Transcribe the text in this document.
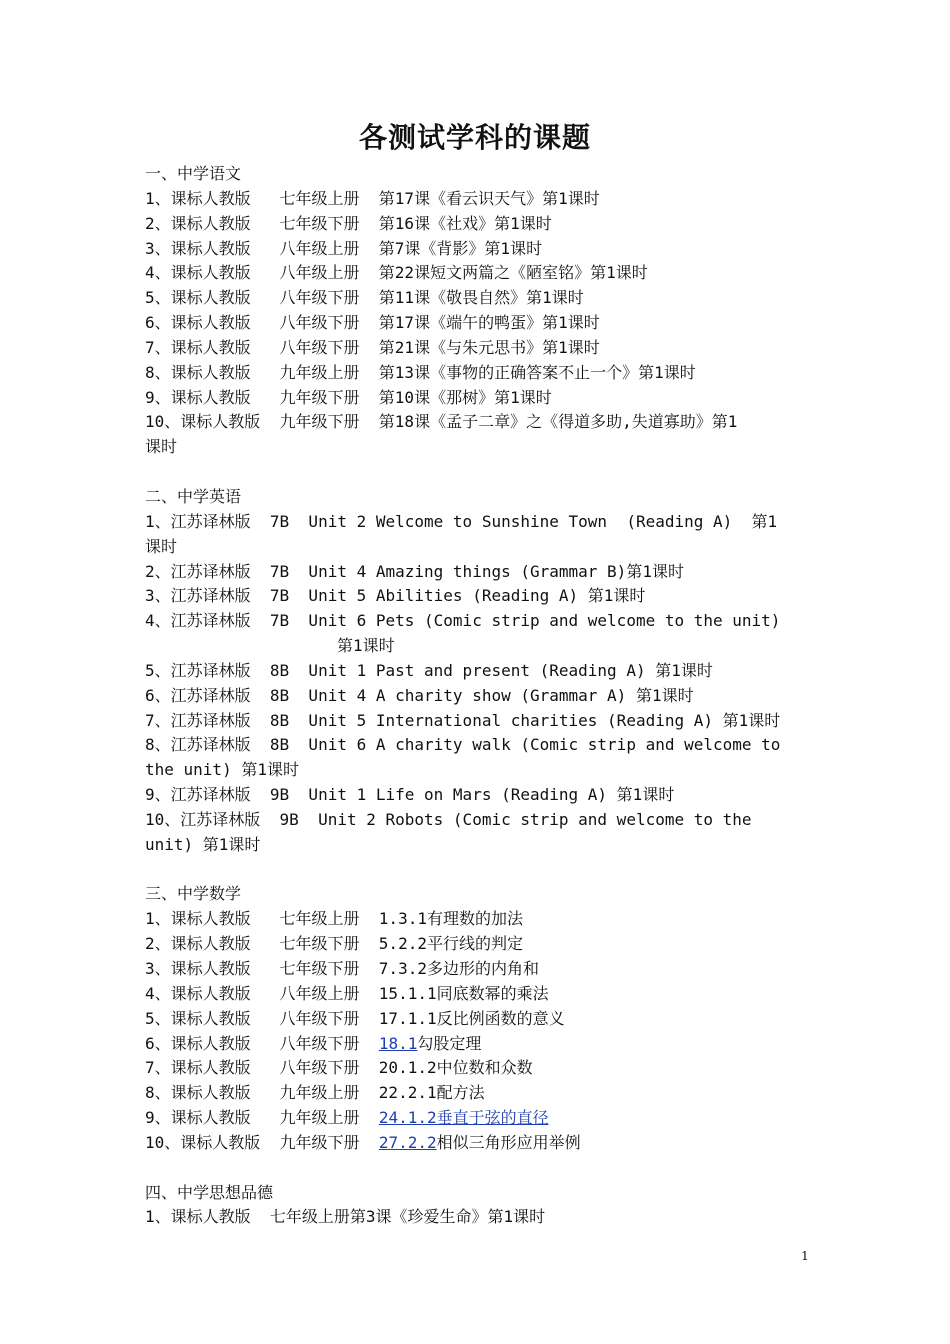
各测试学科的课题
一、中学语文
1、课标人教版   七年级上册  第17课《看云识天气》第1课时
2、课标人教版   七年级下册  第16课《社戏》第1课时
3、课标人教版   八年级上册  第7课《背影》第1课时
4、课标人教版   八年级上册  第22课短文两篇之《陋室铭》第1课时
5、课标人教版   八年级下册  第11课《敬畏自然》第1课时
6、课标人教版   八年级下册  第17课《端午的鸭蛋》第1课时
7、课标人教版   八年级下册  第21课《与朱元思书》第1课时
8、课标人教版   九年级上册  第13课《事物的正确答案不止一个》第1课时
9、课标人教版   九年级下册  第10课《那树》第1课时
10、课标人教版  九年级下册  第18课《孟子二章》之《得道多助,失道寡助》第1
课时
二、中学英语
1、江苏译林版  7B  Unit 2 Welcome to Sunshine Town  (Reading A)  第1
课时
2、江苏译林版  7B  Unit 4 Amazing things (Grammar B)第1课时
3、江苏译林版  7B  Unit 5 Abilities (Reading A) 第1课时
4、江苏译林版  7B  Unit 6 Pets (Comic strip and welcome to the unit)
第1课时
5、江苏译林版  8B  Unit 1 Past and present (Reading A) 第1课时
6、江苏译林版  8B  Unit 4 A charity show (Grammar A) 第1课时
7、江苏译林版  8B  Unit 5 International charities (Reading A) 第1课时
8、江苏译林版  8B  Unit 6 A charity walk (Comic strip and welcome to
the unit) 第1课时
9、江苏译林版  9B  Unit 1 Life on Mars (Reading A) 第1课时
10、江苏译林版  9B  Unit 2 Robots (Comic strip and welcome to the
unit) 第1课时
三、中学数学
1、课标人教版   七年级上册  1.3.1有理数的加法
2、课标人教版   七年级下册  5.2.2平行线的判定
3、课标人教版   七年级下册  7.3.2多边形的内角和
4、课标人教版   八年级上册  15.1.1同底数幂的乘法
5、课标人教版   八年级下册  17.1.1反比例函数的意义
6、课标人教版   八年级下册  18.1勾股定理
7、课标人教版   八年级下册  20.1.2中位数和众数
8、课标人教版   九年级上册  22.2.1配方法
9、课标人教版   九年级上册  24.1.2垂直于弦的直径
10、课标人教版  九年级下册  27.2.2相似三角形应用举例
四、中学思想品德
1、课标人教版  七年级上册第3课《珍爱生命》第1课时
1
